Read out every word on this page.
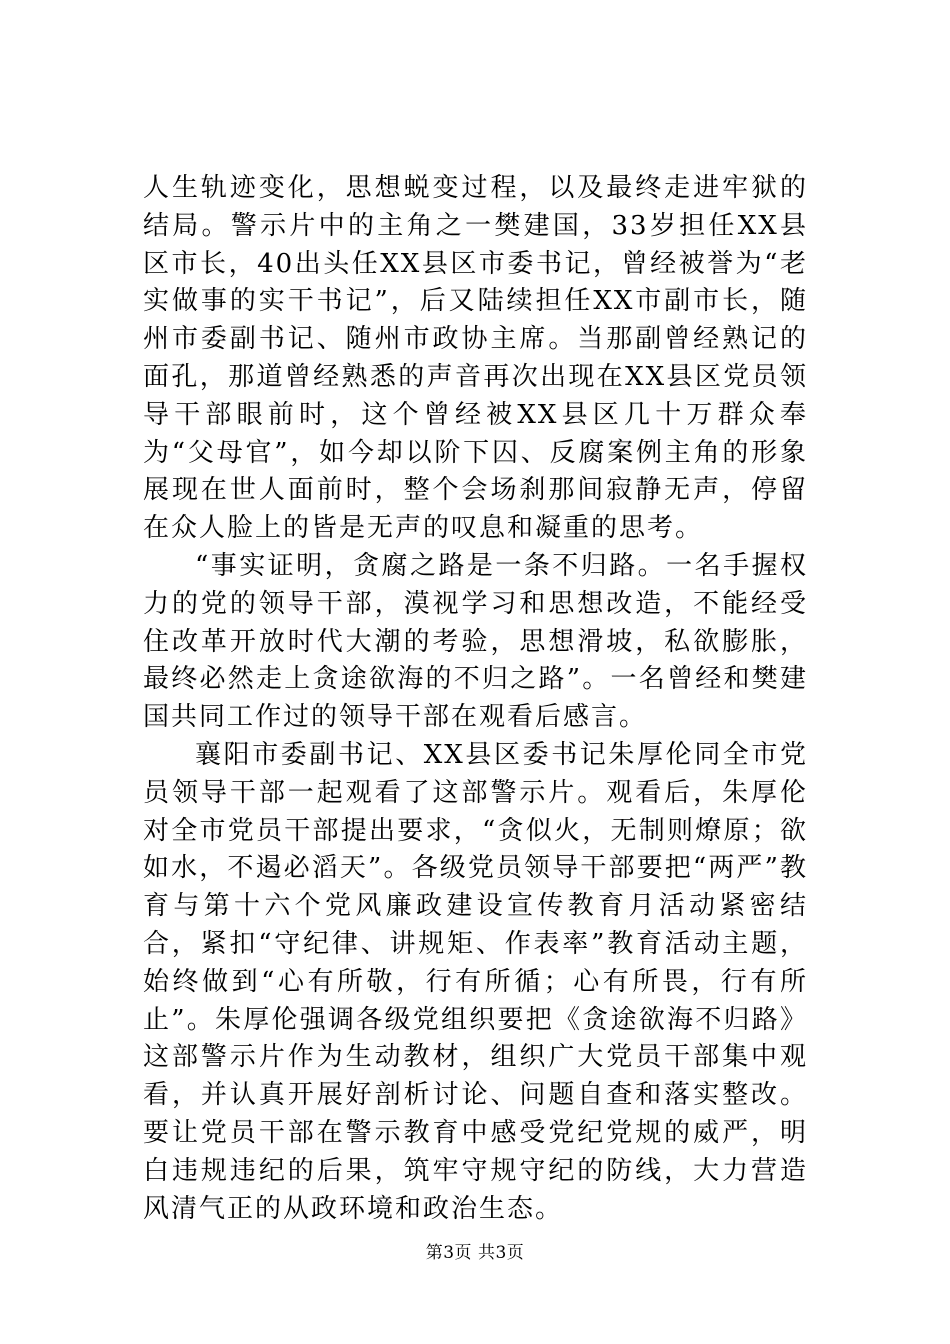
人生轨迹变化，思想蜕变过程，以及最终走进牢狱的结局。警示片中的主角之一樊建国，33岁担任XX县区市长，40出头任XX县区市委书记，曾经被誉为“老实做事的实干书记”，后又陆续担任XX市副市长，随州市委副书记、随州市政协主席。当那副曾经熟记的面孔，那道曾经熟悉的声音再次出现在XX县区党员领导干部眼前时，这个曾经被XX县区几十万群众奉为“父母官”，如今却以阶下囚、反腐案例主角的形象展现在世人面前时，整个会场刹那间寂静无声，停留在众人脸上的皆是无声的叹息和凝重的思考。

“事实证明，贪腐之路是一条不归路。一名手握权力的党的领导干部，漠视学习和思想改造，不能经受住改革开放时代大潮的考验，思想滑坡，私欲膨胀，最终必然走上贪途欲海的不归之路”。一名曾经和樊建国共同工作过的领导干部在观看后感言。

襄阳市委副书记、XX县区委书记朱厚伦同全市党员领导干部一起观看了这部警示片。观看后，朱厚伦对全市党员干部提出要求，“贪似火，无制则燎原；欲如水，不遏必滔天”。各级党员领导干部要把“两严”教育与第十六个党风廉政建设宣传教育月活动紧密结合，紧扣“守纪律、讲规矩、作表率”教育活动主题，始终做到“心有所敬，行有所循；心有所畏，行有所止”。朱厚伦强调各级党组织要把《贪途欲海不归路》这部警示片作为生动教材，组织广大党员干部集中观看，并认真开展好剖析讨论、问题自查和落实整改。要让党员干部在警示教育中感受党纪党规的威严，明白违规违纪的后果，筑牢守规守纪的防线，大力营造风清气正的从政环境和政治生态。

第3页 共3页
